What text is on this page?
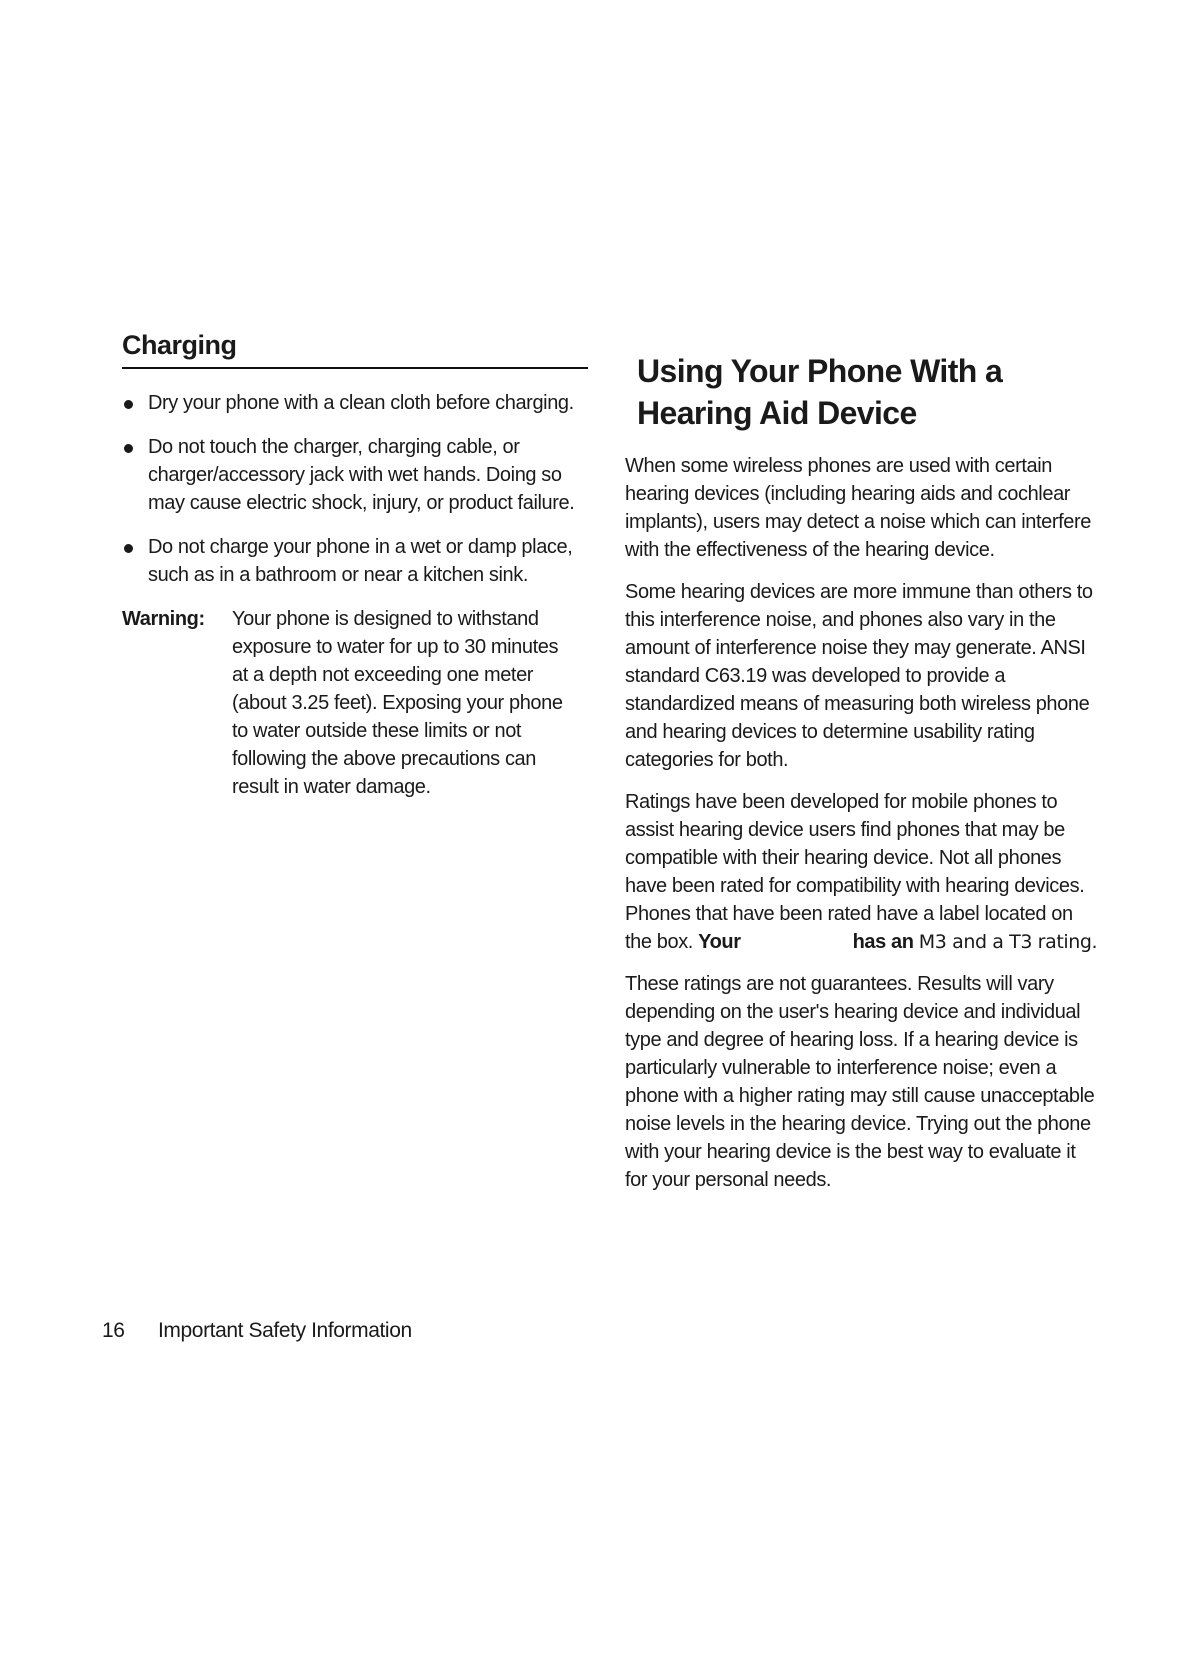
Charging
Dry your phone with a clean cloth before charging.
Do not touch the charger, charging cable, or charger/accessory jack with wet hands. Doing so may cause electric shock, injury, or product failure.
Do not charge your phone in a wet or damp place, such as in a bathroom or near a kitchen sink.
Warning:	Your phone is designed to withstand exposure to water for up to 30 minutes at a depth not exceeding one meter (about 3.25 feet). Exposing your phone to water outside these limits or not following the above precautions can result in water damage.
Using Your Phone With a Hearing Aid Device

When some wireless phones are used with certain hearing devices (including hearing aids and cochlear implants), users may detect a noise which can interfere with the effectiveness of the hearing device.

Some hearing devices are more immune than others to this interference noise, and phones also vary in the amount of interference noise they may generate. ANSI standard C63.19 was developed to provide a standardized means of measuring both wireless phone and hearing devices to determine usability rating categories for both.

Ratings have been developed for mobile phones to assist hearing device users find phones that may be compatible with their hearing device. Not all phones have been rated for compatibility with hearing devices. Phones that have been rated have a label located on the box. Your	has an M3 and a T3 rating.

These ratings are not guarantees. Results will vary depending on the user's hearing device and individual type and degree of hearing loss. If a hearing device is particularly vulnerable to interference noise; even a phone with a higher rating may still cause unacceptable noise levels in the hearing device. Trying out the phone with your hearing device is the best way to evaluate it for your personal needs.

16 Important Safety Information
